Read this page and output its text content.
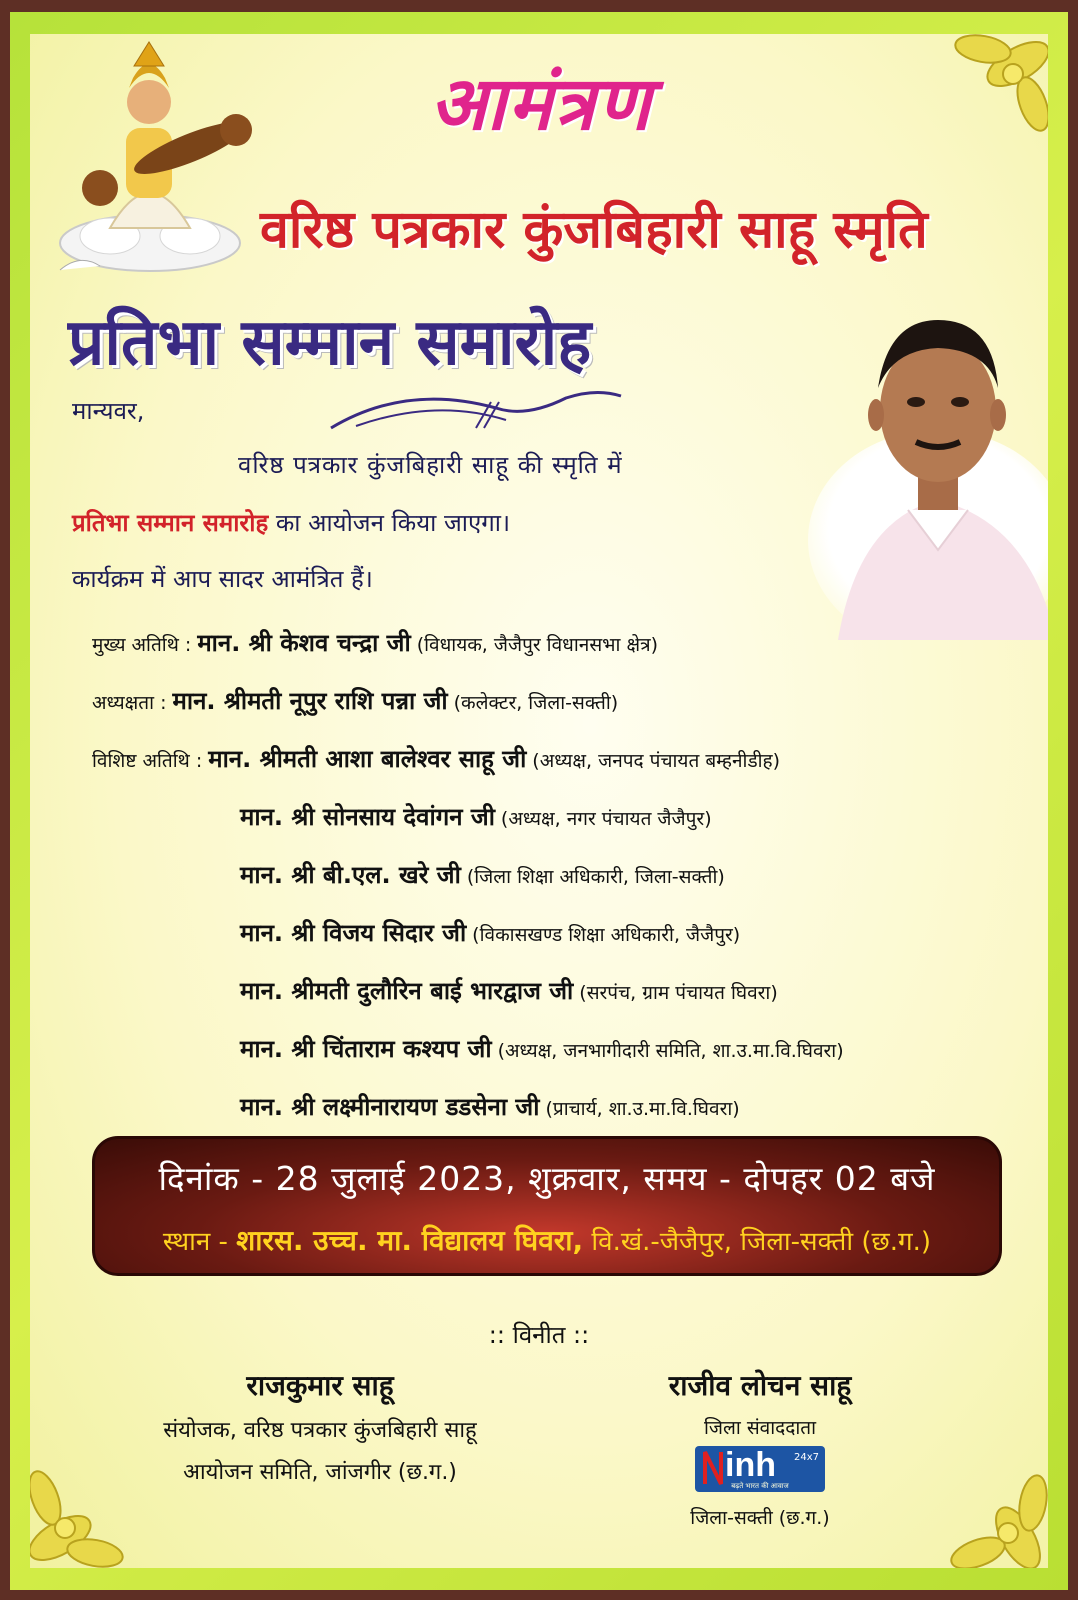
आमंत्रण
वरिष्ठ पत्रकार कुंजबिहारी साहू स्मृति
प्रतिभा सम्मान समारोह
मान्यवर,
वरिष्ठ पत्रकार कुंजबिहारी साहू की स्मृति में
प्रतिभा सम्मान समारोह का आयोजन किया जाएगा।
कार्यक्रम में आप सादर आमंत्रित हैं।
मुख्य अतिथि : मान. श्री केशव चन्द्रा जी (विधायक, जैजैपुर विधानसभा क्षेत्र)
अध्यक्षता : मान. श्रीमती नूपुर राशि पन्ना जी (कलेक्टर, जिला-सक्ती)
विशिष्ट अतिथि : मान. श्रीमती आशा बालेश्वर साहू जी (अध्यक्ष, जनपद पंचायत बम्हनीडीह)
मान. श्री सोनसाय देवांगन जी (अध्यक्ष, नगर पंचायत जैजैपुर)
मान. श्री बी.एल. खरे जी (जिला शिक्षा अधिकारी, जिला-सक्ती)
मान. श्री विजय सिदार जी (विकासखण्ड शिक्षा अधिकारी, जैजैपुर)
मान. श्रीमती दुलौरिन बाई भारद्वाज जी (सरपंच, ग्राम पंचायत घिवरा)
मान. श्री चिंताराम कश्यप जी (अध्यक्ष, जनभागीदारी समिति, शा.उ.मा.वि.घिवरा)
मान. श्री लक्ष्मीनारायण डडसेना जी (प्राचार्य, शा.उ.मा.वि.घिवरा)
दिनांक - 28 जुलाई 2023, शुक्रवार, समय - दोपहर 02 बजे
स्थान - शारस. उच्च. मा. विद्यालय घिवरा, वि.खं.-जैजैपुर, जिला-सक्ती (छ.ग.)
:: विनीत ::
राजकुमार साहू
संयोजक, वरिष्ठ पत्रकार कुंजबिहारी साहू
आयोजन समिति, जांजगीर (छ.ग.)
राजीव लोचन साहू
जिला संवाददाता
inh 24x7
बढ़ते भारत की आवाज
जिला-सक्ती (छ.ग.)
